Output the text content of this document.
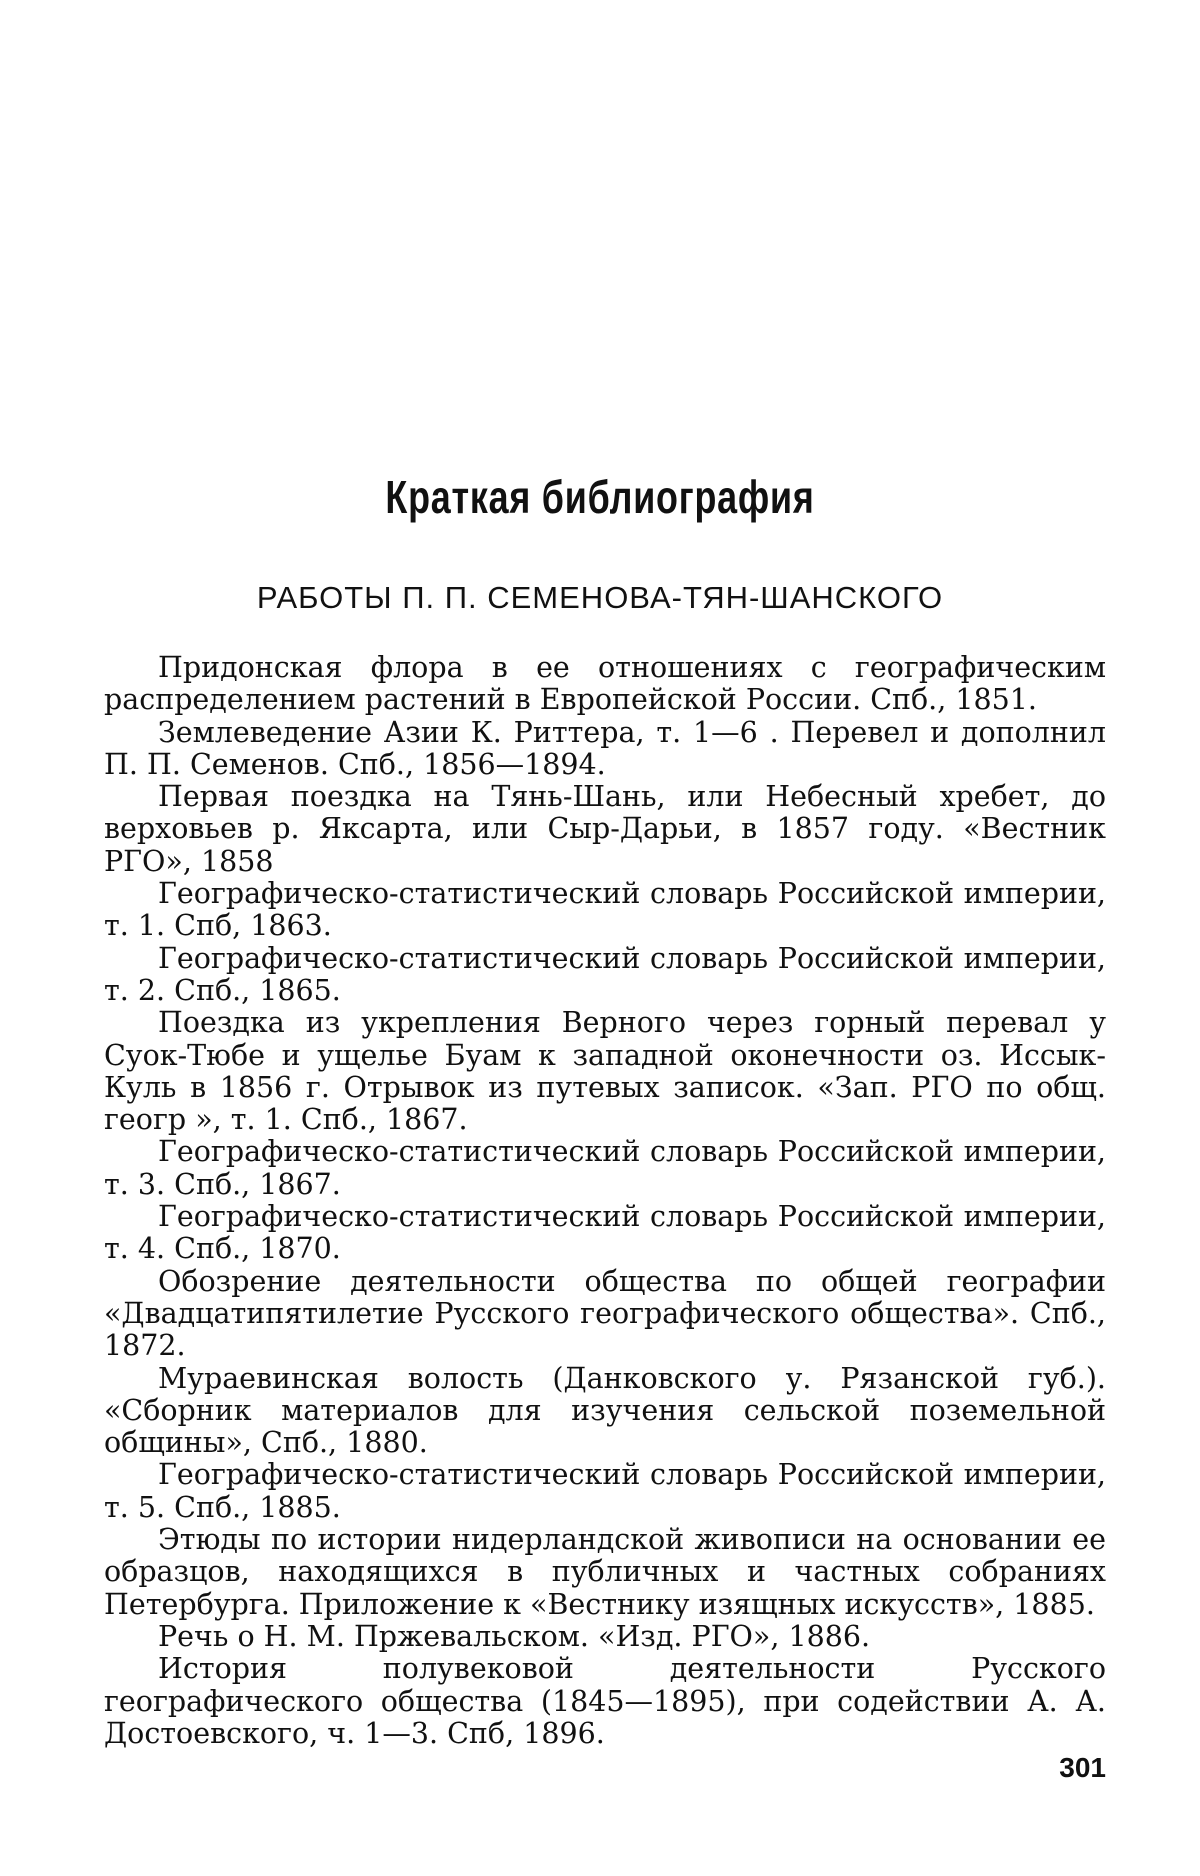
Краткая библиография
РАБОТЫ П. П. СЕМЕНОВА-ТЯН-ШАНСКОГО

Придонская флора в ее отношениях с географическим распределением растений в Европейской России. Спб., 1851.

Землеведение Азии К. Риттера, т. 1—6 . Перевел и дополнил П. П. Семенов. Спб., 1856—1894.

Первая поездка на Тянь-Шань, или Небесный хребет, до верховьев р. Яксарта, или Сыр-Дарьи, в 1857 году. «Вестник РГО», 1858

Географическо-статистический словарь Российской империи, т. 1. Спб, 1863.

Географическо-статистический словарь Российской империи, т. 2. Спб., 1865.

Поездка из укрепления Верного через горный перевал у Суок-Тюбе и ущелье Буам к западной оконечности оз. Иссык-Куль в 1856 г. Отрывок из путевых записок. «Зап. РГО по общ. геогр », т. 1. Спб., 1867.

Географическо-статистический словарь Российской империи, т. 3. Спб., 1867.

Географическо-статистический словарь Российской империи, т. 4. Спб., 1870.

Обозрение деятельности общества по общей географии «Двадцатипятилетие Русского географического общества». Спб., 1872.

Мураевинская волость (Данковского у. Рязанской губ.). «Сборник материалов для изучения сельской поземельной общины», Спб., 1880.

Географическо-статистический словарь Российской империи, т. 5. Спб., 1885.

Этюды по истории нидерландской живописи на основании ее образцов, находящихся в публичных и частных собраниях Петербурга. Приложение к «Вестнику изящных искусств», 1885.

Речь о Н. М. Пржевальском. «Изд. РГО», 1886.

История полувековой деятельности Русского географического общества (1845—1895), при содействии А. А. Достоевского, ч. 1—3. Спб, 1896.

301
